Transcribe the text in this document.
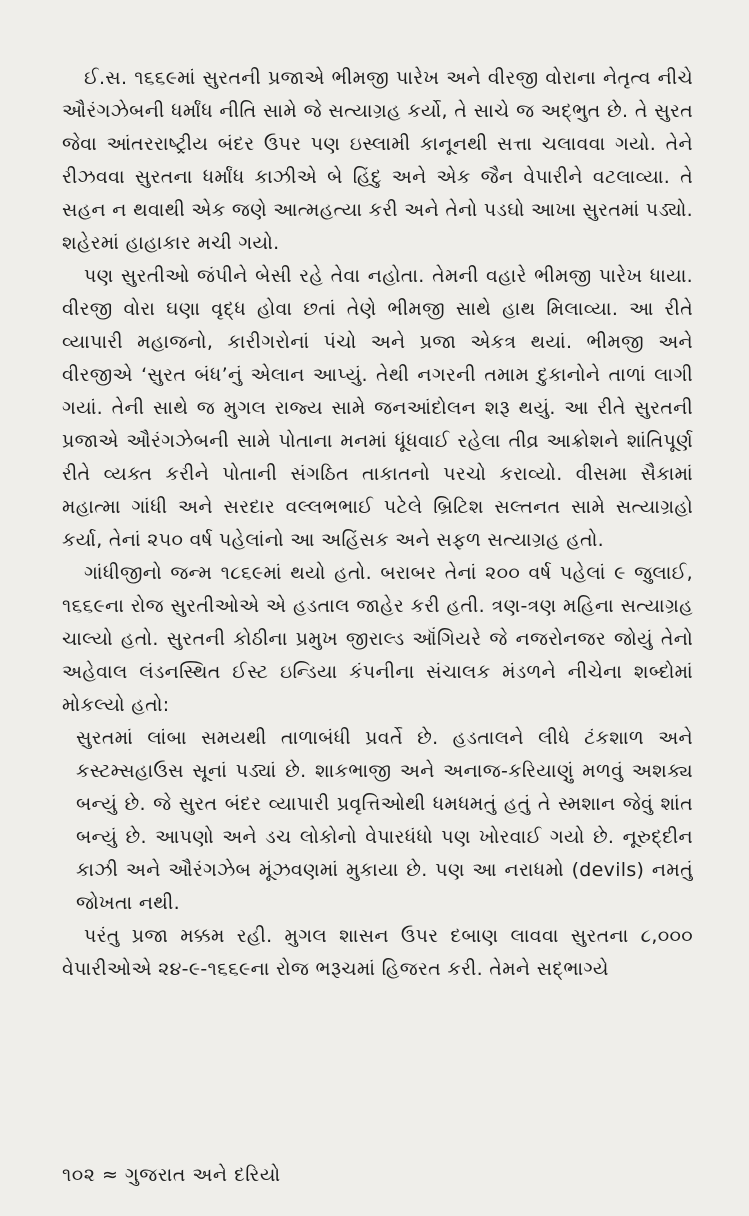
ઈ.સ. ૧૬૬૯માં સુરતની પ્રજાએ ભીમજી પારેખ અને વીરજી વોરાના નેતૃત્વ નીચે ઔરંગઝેબની ધર્માંધ નીતિ સામે જે સત્યાગ્રહ કર્યો, તે સાચે જ અદ્ભુત છે. તે સુરત જેવા આંતરરાષ્ટ્રીય બંદર ઉપર પણ ઇસ્લામી કાનૂનથી સત્તા ચલાવવા ગયો. તેને રીઝવવા સુરતના ધર્માંધ કાઝીએ બે હિંદુ અને એક જૈન વેપારીને વટલાવ્યા. તે સહન ન થવાથી એક જણે આત્મહત્યા કરી અને તેનો પડઘો આખા સુરતમાં પડ્યો. શહેરમાં હાહાકાર મચી ગયો.

પણ સુરતીઓ જંપીને બેસી રહે તેવા નહોતા. તેમની વહારે ભીમજી પારેખ ધાયા. વીરજી વોરા ઘણા વૃદ્ધ હોવા છતાં તેણે ભીમજી સાથે હાથ મિલાવ્યા. આ રીતે વ્યાપારી મહાજનો, કારીગરોનાં પંચો અને પ્રજા એકત્ર થયાં. ભીમજી અને વીરજીએ ‘સુરત બંધ’નું એલાન આપ્યું. તેથી નગરની તમામ દુકાનોને તાળાં લાગી ગયાં. તેની સાથે જ મુગલ રાજ્ય સામે જનઆંદોલન શરૂ થયું. આ રીતે સુરતની પ્રજાએ ઔરંગઝેબની સામે પોતાના મનમાં ધૂંધવાઈ રહેલા તીવ્ર આક્રોશને શાંતિપૂર્ણ રીતે વ્યક્ત કરીને પોતાની સંગઠિત તાકાતનો પરચો કરાવ્યો. વીસમા સૈકામાં મહાત્મા ગાંધી અને સરદાર વલ્લભભાઈ પટેલે બ્રિટિશ સલ્તનત સામે સત્યાગ્રહો કર્યા, તેનાં ૨૫૦ વર્ષ પહેલાંનો આ અહિંસક અને સફળ સત્યાગ્રહ હતો.

ગાંધીજીનો જન્મ ૧૮૬૯માં થયો હતો. બરાબર તેનાં ૨૦૦ વર્ષ પહેલાં ૯ જુલાઈ, ૧૬૬૯ના રોજ સુરતીઓએ એ હડતાલ જાહેર કરી હતી. ત્રણ-ત્રણ મહિના સત્યાગ્રહ ચાલ્યો હતો. સુરતની કોઠીના પ્રમુખ જીરાલ્ડ ઑંગિયરે જે નજરોનજર જોયું તેનો અહેવાલ લંડનસ્થિત ઈસ્ટ ઇન્ડિયા કંપનીના સંચાલક મંડળને નીચેના શબ્દોમાં મોકલ્યો હતો:

સુરતમાં લાંબા સમયથી તાળાબંધી પ્રવર્તે છે. હડતાલને લીધે ટંકશાળ અને કસ્ટમ્સહાઉસ સૂનાં પડ્યાં છે. શાકભાજી અને અનાજ-કરિયાણું મળવું અશક્ય બન્યું છે. જે સુરત બંદર વ્યાપારી પ્રવૃત્તિઓથી ધમધમતું હતું તે સ્મશાન જેવું શાંત બન્યું છે. આપણો અને ડચ લોકોનો વેપારધંધો પણ ખોરવાઈ ગયો છે. નૂરુદ્દીન કાઝી અને ઔરંગઝેબ મૂંઝવણમાં મુકાયા છે. પણ આ નરાધમો (devils) નમતું જોખતા નથી.

પરંતુ પ્રજા મક્કમ રહી. મુગલ શાસન ઉપર દબાણ લાવવા સુરતના ૮,૦૦૦ વેપારીઓએ ૨૪-૯-૧૬૬૯ના રોજ ભરૂચમાં હિજરત કરી. તેમને સદ્ભાગ્યે

૧૦૨ ≈ ગુજરાત અને દરિયો
